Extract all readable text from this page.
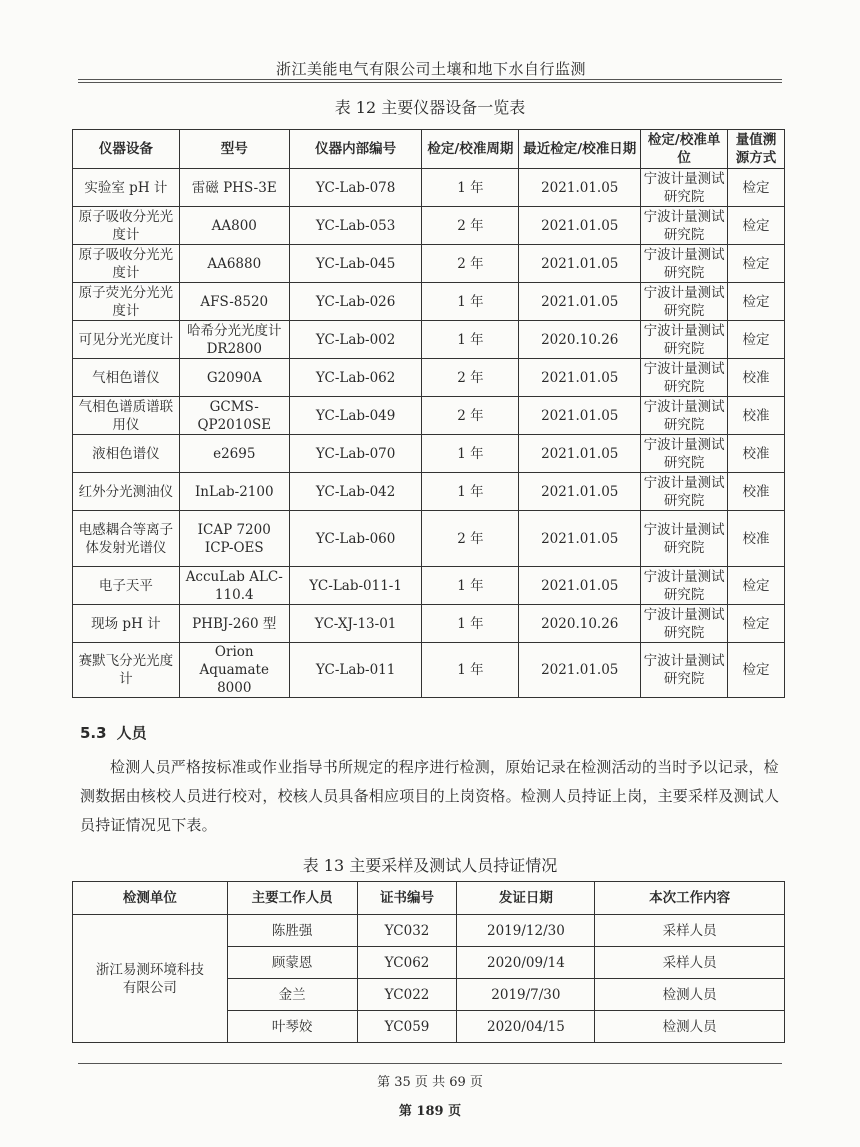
浙江美能电气有限公司土壤和地下水自行监测
表 12 主要仪器设备一览表
仪器设备	型号	仪器内部编号	检定/校准周期	最近检定/校准日期	检定/校准单位	量值溯源方式
实验室 pH 计	雷磁 PHS-3E	YC-Lab-078	1 年	2021.01.05	宁波计量测试研究院	检定
原子吸收分光光度计	AA800	YC-Lab-053	2 年	2021.01.05	宁波计量测试研究院	检定
原子吸收分光光度计	AA6880	YC-Lab-045	2 年	2021.01.05	宁波计量测试研究院	检定
原子荧光分光光度计	AFS-8520	YC-Lab-026	1 年	2021.01.05	宁波计量测试研究院	检定
可见分光光度计	哈希分光光度计 DR2800	YC-Lab-002	1 年	2020.10.26	宁波计量测试研究院	检定
气相色谱仪	G2090A	YC-Lab-062	2 年	2021.01.05	宁波计量测试研究院	校准
气相色谱质谱联用仪	GCMS-QP2010SE	YC-Lab-049	2 年	2021.01.05	宁波计量测试研究院	校准
液相色谱仪	e2695	YC-Lab-070	1 年	2021.01.05	宁波计量测试研究院	校准
红外分光测油仪	InLab-2100	YC-Lab-042	1 年	2021.01.05	宁波计量测试研究院	校准
电感耦合等离子体发射光谱仪	ICAP 7200 ICP-OES	YC-Lab-060	2 年	2021.01.05	宁波计量测试研究院	校准
电子天平	AccuLab ALC-110.4	YC-Lab-011-1	1 年	2021.01.05	宁波计量测试研究院	检定
现场 pH 计	PHBJ-260 型	YC-XJ-13-01	1 年	2020.10.26	宁波计量测试研究院	检定
赛默飞分光光度计	Orion Aquamate 8000	YC-Lab-011	1 年	2021.01.05	宁波计量测试研究院	检定
5.3 人员
检测人员严格按标准或作业指导书所规定的程序进行检测，原始记录在检测活动的当时予以记录，检测数据由核校人员进行校对，校核人员具备相应项目的上岗资格。检测人员持证上岗，主要采样及测试人员持证情况见下表。
表 13 主要采样及测试人员持证情况
检测单位	主要工作人员	证书编号	发证日期	本次工作内容
浙江易测环境科技有限公司	陈胜强	YC032	2019/12/30	采样人员
	顾蒙恩	YC062	2020/09/14	采样人员
	金兰	YC022	2019/7/30	检测人员
	叶琴姣	YC059	2020/04/15	检测人员
第 35 页 共 69 页
第 189 页
